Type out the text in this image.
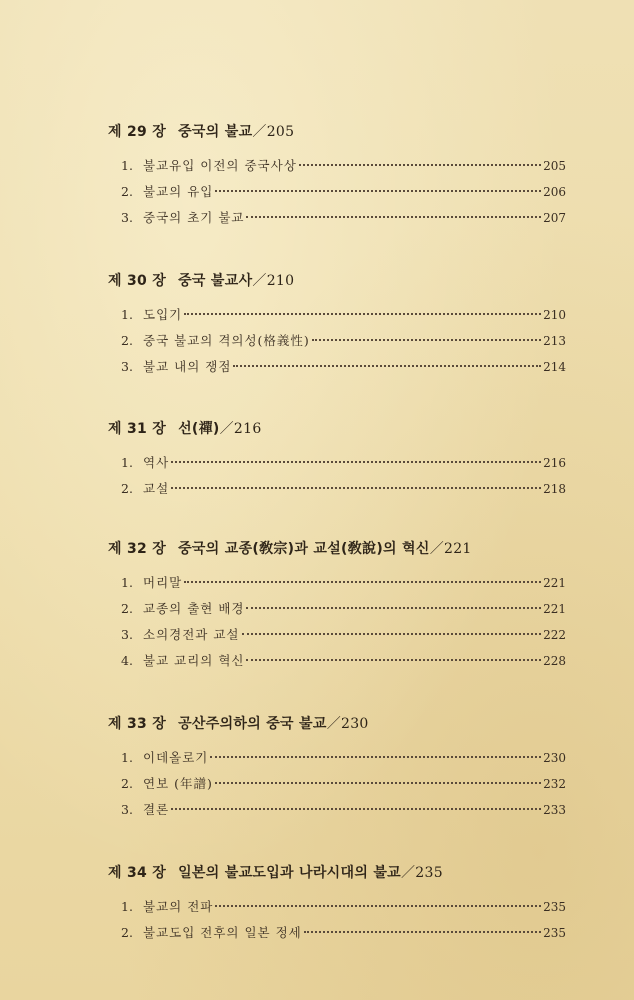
제 29 장 중국의 불교／205
1. 불교유입 이전의 중국사상	205
2. 불교의 유입	206
3. 중국의 초기 불교	207
제 30 장 중국 불교사／210
1. 도입기	210
2. 중국 불교의 격의성(格義性)	213
3. 불교 내의 쟁점	214
제 31 장 선(禪)／216
1. 역사	216
2. 교설	218
제 32 장 중국의 교종(敎宗)과 교설(敎說)의 혁신／221
1. 머리말	221
2. 교종의 출현 배경	221
3. 소의경전과 교설	222
4. 불교 교리의 혁신	228
제 33 장 공산주의하의 중국 불교／230
1. 이데올로기	230
2. 연보 (年譜)	232
3. 결론	233
제 34 장 일본의 불교도입과 나라시대의 불교／235
1. 불교의 전파	235
2. 불교도입 전후의 일본 정세	235
